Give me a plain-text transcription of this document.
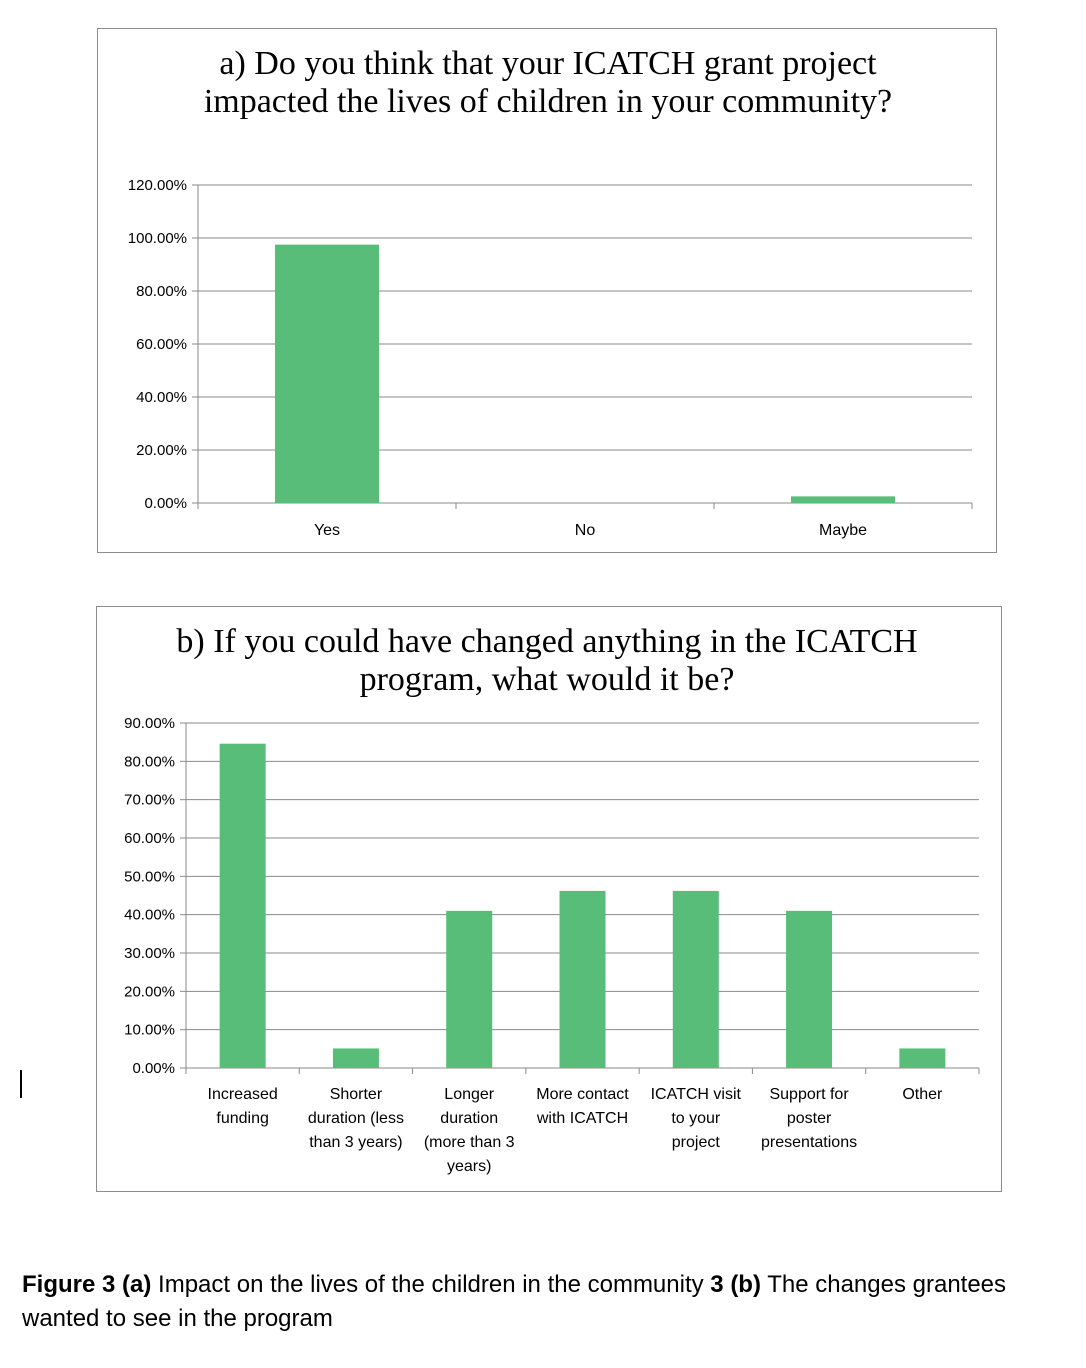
a) Do you think that your ICATCH grant project impacted the lives of children in your community?
0.00%
20.00%
40.00%
60.00%
80.00%
100.00%
120.00%
Yes	No	Maybe
b) If you could have changed anything in the ICATCH program, what would it be?
0.00%
10.00%
20.00%
30.00%
40.00%
50.00%
60.00%
70.00%
80.00%
90.00%
Increased funding
Shorter duration (less than 3 years)
Longer duration (more than 3 years)
More contact with ICATCH
ICATCH visit to your project
Support for poster presentations
Other
Figure 3 (a) Impact on the lives of the children in the community 3 (b) The changes grantees wanted to see in the program
